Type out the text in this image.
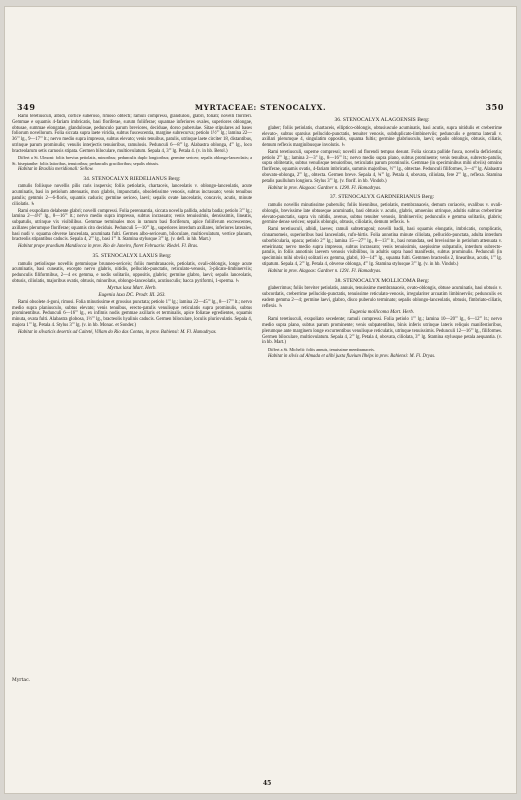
349	MYRTACEAE: STENOCALYX.	350

Rami teretiusculi, albidi, cortice suberoso, rimoso obtecti; ramuli compressi, glandulosi, glabri, foliati; novelli floriferi. Gemmae e squamis 4-fariam imbricatis, basi floriferae, surum foliiferae; squamae inferiores ovales, superiores oblongae, obtusae, summae elongatae, glandulosae, pedunculo parum breviores, deciduae, dorso puberulae. Sitae stipulares ad bases foliorum novellorum. Folia siccata supra laete viridia, subtus fuscescentia, margine subrecurva; petiolo 1½"' lg.; lamina 22—36"' lg., 9—17"' lt.; nervo medio supra impresso, subtus elevato; venis tenuibus, patulis, utrinque laete circiter 18, distantibus, utrinque parum prominulis; venulis interjectis tenuioribus, ramulosis. Pedunculi 6—8"' lg. Alabastra oblonga, 4"' lg., loco bracteolarum setis carnosis stipata. Germen biloculare, multiovulatum. Sepala 4, 3"' lg. Petala 4. (v. in hb. Berol.)

Differt a St. Ulmoni: foliis brevius petiolatis, minoribus; pedunculis duplo longioribus; germine sericeo; sepalis oblongo-lanceolatis; a St. biseptanthe: foliis latioribus, tenuioribus; pedunculis gracilioribus; sepalis obtusis.

Habitat in Brasilia meridionali: Sellow.

34. STENOCALYX RIEDELIANUS Berg:

ramulis foliisque novellis pilis raris inspersis; foliis petiolatis, chartaceis, lanceolatis v. oblongo-lanceolatis, acute acuminatis, basi in petiolum attenuatis, mox glabris, impunctatis, obsoletissime venosis, subtus incrassato; venis tenuibus patulis; gemmis 2—6-floris, squamis caducis; germine sericeo, laevi; sepalis ovate lanceolatis, concavis, acutis, minute ciliolatis. ♄

Rami exspoliato delabente glabri; novelli compressi. Folia perennantia, siccata novella pallida, adulta badia; petiolo 3"' lg.; lamina 2—4½" lg., 8—16"' lt.; nervo medio supra impresso, subtus incrassato; venis tenuissimis, densissimis, lineatis, subpatulis, utrinque vix visibilibus. Gemmae terminales mox in ramum basi floriferum, apice foliiferum excrescentes, axillares plerumque floriferae; squamis cito deciduis. Pedunculi 5—10"' lg., superiores interdum axillares, inferiores laterales, basi nudi v. squama obverse lanceolata, acuminata fulti. Germen albo-sericeum, biloculare, multiovulatum, vertice planum, bracteolis stipantibus caducis. Sepala 4, 2"' lg., basi 1"' lt. Stamina stylusque 3"' lg. (v. defl. in hb. Mart.)

Habitat prope praedium Mandiocca in prov. Rio de Janeiro, floret Februario: Riedel. Fl. Bras.

35. STENOCALYX LAXUS Berg:

ramulis petiolisque novellis gemmisque brunneo-sericeis; foliis membranaceis, petiolatis, ovali-oblongis, longe acute acuminatis, basi cuneatis, excepto nervo glabris, nitidis, pellucido-punctatis, reticulato-venosis, 3-plicato-limbinerviis; pedunculis filiformibus, 2—4 ex gemma, e nodis solitariis, oppositis, glabris; germine glabro, laevi; sepalis lanceolatis, obtusis, ciliolatis, majoribus ovatis, obtusis, minoribus, oblongo-lanceolatis, acutiusculis; bacca pyriformi, 1-sperma. ♄

Myrtus laxa Mart. Herb.

Eugenia laxa DC. Prodr. III. 263.

Rami obsolete 4-goni, rimosi. Folia minutissime et grossius punctata; petiolo 1"' lg.; lamina 22—45"' lg., 8—17"' lt.; nervo medio supra planiusculo, subtus elevato; venis tenuibus, erecto-patulis venulisque reticulatis supra prominulis, subtus prominentibus. Pedunculi 6—16"' lg., ex infimis nodis gemmae axillaris et terminalis, apice foliatae egredientes, squamis minuta, ovata fulti. Alabastra globosa, 1½"' lg., bracteolis hyalinis caducis. Germen biloculare, loculis pluriovulatis. Sepala 4, majora 1"' lg. Petala 4. Stylus 3"' lg. (v. in hb. Monac. et Sonder.)

Habitat in silvaticis desertis ad Caiteté, Villam do Rio das Contas, in prov. Bahiensi: M. Fl. Hamadryas.

36. STENOCALYX ALAGOENSIS Berg:

glaber; foliis petiolatis, chartaceis, elliptico-oblongis, obtusiuscule acuminatis, basi acutis, supra nitidulis et creberrime elevato-, subtus sparsius pellucido-punctatis, tenuiter venosis, subduplicato-limbinerviis; pedunculis e gemma laterali v. axillari plerumque 4, singulatim oppositis, squama fultis; germine glabriusculo, laevi; sepalis oblongis, obtusis, ciliatis, demum reflexis marginibusque involutis. ♄

Rami teretiusculi, superne compressi; novelli ad florendi tempus desunt. Folia siccata pallide fusca, novella deficientia; petiolo 2"' lg.; lamina 2—3" lg., 8—16"' lt.; nervo medio supra plano, subtus prominente; venis tenuibus, subrecto-patulis, supra obliteratis, subtus venulisque tenuioribus, reticulatis parum prominulis. Gemmae (in speciminibus mihi obviis) omnino floriferae, squamis ovatis, 4-fariam imbricatis, summis majoribus, ½"' lg., obtectae. Pedunculi filiformes, 3—4"' lg. Alabastra obovato-oblonga, 2"' lg., obtecta. Germen breve. Sepala 4, ¾"' lg. Petala 4, obovata, ciliolata, fere 2"' lg., reflexa. Stamina petalis paullulum longiora. Stylus 3"' lg. (v. florif. in hb. Vindob.)

Habitat in prov. Alagoas: Gardner n. 1290. Fl. Hamadryas.

37. STENOCALYX GARDNERIANUS Berg:

ramulis novellis minutissime puberulis; foliis biennibus, petiolatis, membranaceis, demum coriaceis, ovalibus v. ovali-oblongis, brevissime late obtuseque acuminatis, basi obtusis v. acutis, glabris, amoenius utrinque, adultis subtus creberrime elevato-punctatis, supra vix nitidis, avenus, subtus tenuiter venosis, limbinerviis; pedunculis e gemma solitariis, glabris; germine dense sericeo; sepalis oblongis, obtusis, ciliolatis, demum reflexis. ♄

Rami teretiusculi, albidi, laeves; ramuli subtetragoni; novelli badii, basi squamis elongatis, imbricatis, complicatis, cinnamomeis, superioribus basi lanceolatis, rufo-hirtis. Folia annotina minute ciliolata, pellucido-punctata, adulta interdum suborbicularia, opaca; petiolo 2"' lg.; lamina 15—27"' lg., 8—13"' lt., basi rotundata, sed brevissime in petiolum attenuata v. emeirinata; nervo medio supra impresso, subtus incrassato; venis tenuissimis, saepissime subpatulis, interdum subrecto-patulis, in foliis annotinis laevem venosis visibilibus, in adultis supra haud manifestis, subtus prominulis. Pedunculi (in speciminis mihi obviis) solitarii ex gemma, glabri, 10—14"' lg., squama fulti. Gemmen bracteolis 2, linearibus, acutis, 1"' lg. stipatum. Sepala 4, 2"' lg. Petala 4, obverse oblonga, 4"' lg. Stamina stylusque 3"' lg. (v. in hb. Vindob.)

Habitat in prov. Alagoas: Gardner n. 1291. Fl. Hamadryas.

38. STENOCALYX MOLLICOMA Berg:

glaberrimus; foliis breviter petiolatis, annuis, tenuissime membranaceis, ovato-oblongis, obtuse acuminatis, basi obtusis v. subcordatis, creberrime pellucido-punctatis, tenuissime reticulato-venosis, irregulariter arcuatim limbinerviis; pedunculis ex eadem gemma 2—4; germine laevi, glabro, disco puberulo terminato; sepalis oblongo-lanceolatis, obtusis, fimbriato-ciliatis, reflexis. ♄

Eugenia mollicoma Mart. Herb.

Rami teretiusculi, exspoliato secedente; ramuli compressi. Folia petiolo 1"' lg.; lamina 10—20"' lg., 6—12"' lt.; nervo medio supra plano, subtus parum prominente; venis subpatentibus, binis inferis utrinque lateris reliquis manifestioribus, plerumque ante marginem longe excurrentibus venulisque reticulatis, utrinque tenuissimis. Pedunculi 12—16"' lg., filiformes. Germen biloculare, multiovulatum. Sepala 4, 2"' lg. Petala 4, obovata, ciliolata, 3"' lg. Stamina stylusque petala aequantia. (v. in hb. Mart.)

Differt a St. Michelii: foliis annuis, tenuissime membranaceis.

Habitat in silvis ad Almada et alibi juxta fluvium Ilhéps in prov. Bahiensi: M. Fl. Dryas.

Myrtac.
45
